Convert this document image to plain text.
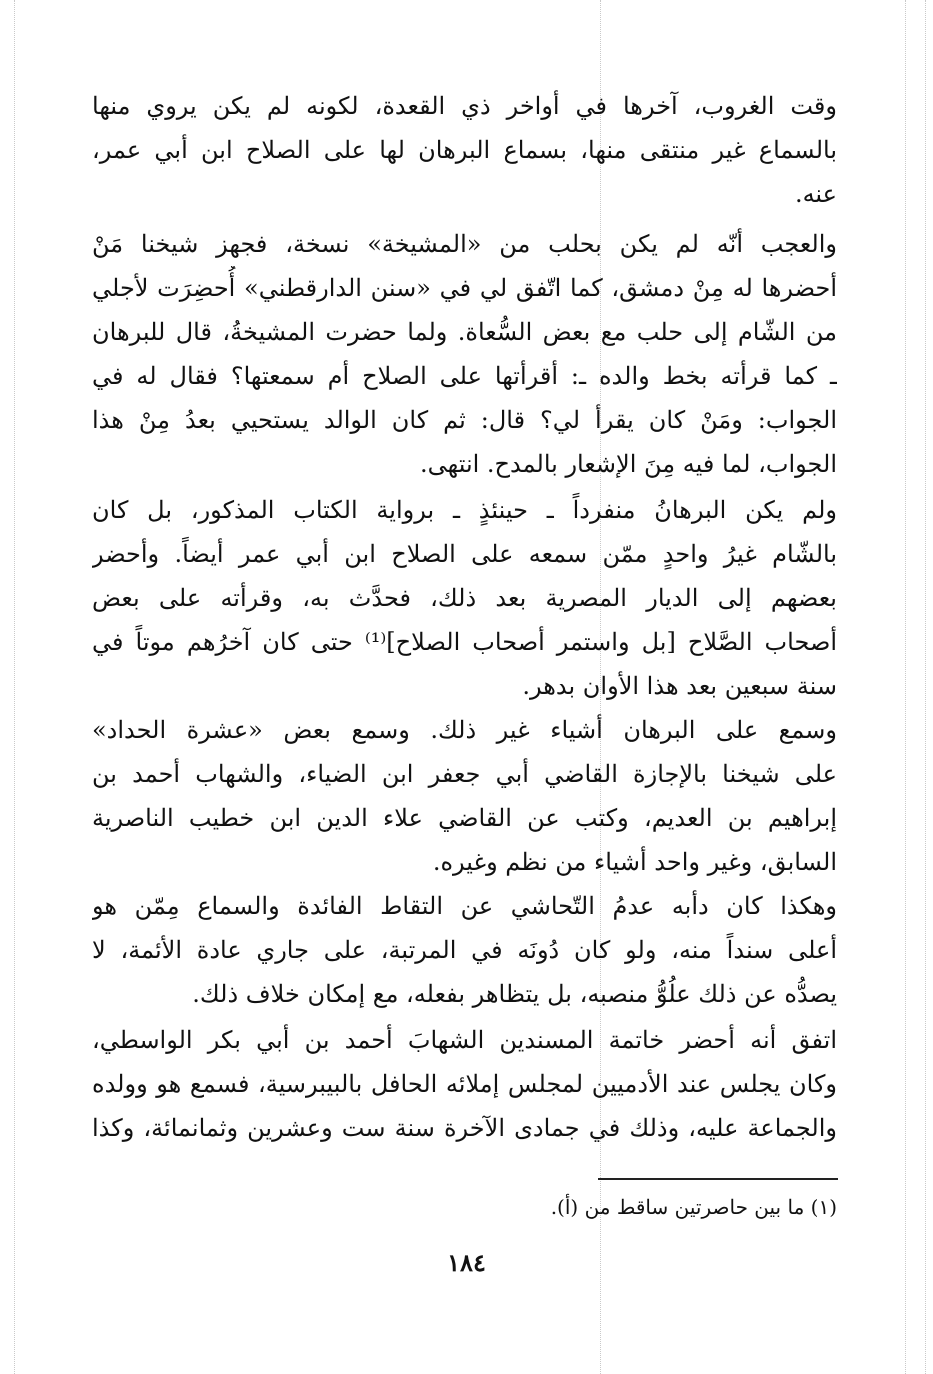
وقت الغروب، آخرها في أواخر ذي القعدة، لكونه لم يكن يروي منها
بالسماع غير منتقى منها، بسماع البرهان لها على الصلاح ابن أبي عمر،
عنه.
والعجب أنّه لم يكن بحلب من «المشيخة» نسخة، فجهز شيخنا مَنْ
أحضرها له مِنْ دمشق، كما اتّفق لي في «سنن الدارقطني» أُحضِرَت لأجلي
من الشّام إلى حلب مع بعض السُّعاة. ولما حضرت المشيخةُ، قال للبرهان
ـ كما قرأته بخط والده ـ: أقرأتها على الصلاح أم سمعتها؟ فقال له في
الجواب: ومَنْ كان يقرأ لي؟ قال: ثم كان الوالد يستحيي بعدُ مِنْ هذا
الجواب، لما فيه مِنَ الإشعار بالمدح. انتهى.
ولم يكن البرهانُ منفرداً ـ حينئذٍ ـ برواية الكتاب المذكور، بل كان
بالشّام غيرُ واحدٍ ممّن سمعه على الصلاح ابن أبي عمر أيضاً. وأحضر
بعضهم إلى الديار المصرية بعد ذلك، فحدَّث به، وقرأته على بعض
أصحاب الصَّلاح [بل واستمر أصحاب الصلاح]⁽¹⁾ حتى كان آخرُهم موتاً في
سنة سبعين بعد هذا الأوان بدهر.
وسمع على البرهان أشياء غير ذلك. وسمع بعض «عشرة الحداد»
على شيخنا بالإجازة القاضي أبي جعفر ابن الضياء، والشهاب أحمد بن
إبراهيم بن العديم، وكتب عن القاضي علاء الدين ابن خطيب الناصرية
السابق، وغير واحد أشياء من نظم وغيره.
وهكذا كان دأبه عدمُ التّحاشي عن التقاط الفائدة والسماع مِمّن هو
أعلى سنداً منه، ولو كان دُونَه في المرتبة، على جاري عادة الأئمة، لا
يصدُّه عن ذلك علُوُّ منصبه، بل يتظاهر بفعله، مع إمكان خلاف ذلك.
اتفق أنه أحضر خاتمة المسندين الشهابَ أحمد بن أبي بكر الواسطي،
وكان يجلس عند الأدميين لمجلس إملائه الحافل بالبيبرسية، فسمع هو وولده
والجماعة عليه، وذلك في جمادى الآخرة سنة ست وعشرين وثمانمائة، وكذا
(١) ما بين حاصرتين ساقط من (أ).
١٨٤
